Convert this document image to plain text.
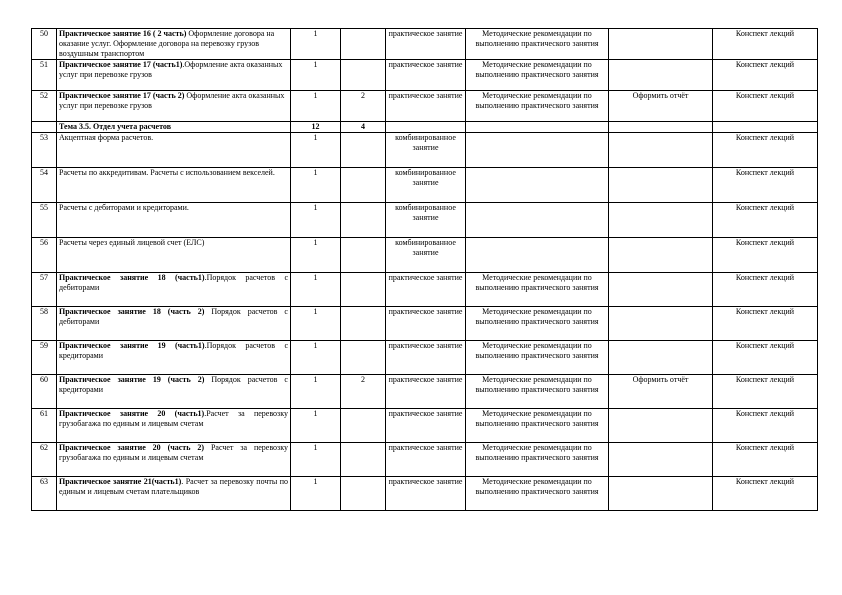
50	Практическое занятие 16 ( 2 часть) Оформление договора на оказание услуг. Оформление договора на перевозку грузов воздушным транспортом	1		практическое занятие	Методические рекомендации по выполнению практического занятия		Конспект лекций
51	Практическое занятие 17 (часть1).Оформление акта оказанных услуг при перевозке грузов	1		практическое занятие	Методические рекомендации по выполнению практического занятия		Конспект лекций
52	Практическое занятие 17 (часть 2) Оформление акта оказанных услуг при перевозке грузов	1	2	практическое занятие	Методические рекомендации по выполнению практического занятия	Оформить отчёт	Конспект лекций
	Тема 3.5. Отдел учета расчетов	12	4				
53	Акцептная форма расчетов.	1		комбинированное занятие			Конспект лекций
54	Расчеты по аккредитивам. Расчеты с использованием векселей.	1		комбинированное занятие			Конспект лекций
55	Расчеты с дебиторами и кредиторами.	1		комбинированное занятие			Конспект лекций
56	Расчеты через единый лицевой счет (ЕЛС)	1		комбинированное занятие			Конспект лекций
57	Практическое занятие 18 (часть1).Порядок расчетов с дебиторами	1		практическое занятие	Методические рекомендации по выполнению практического занятия		Конспект лекций
58	Практическое занятие 18 (часть 2) Порядок расчетов с дебиторами	1		практическое занятие	Методические рекомендации по выполнению практического занятия		Конспект лекций
59	Практическое занятие 19 (часть1).Порядок расчетов с кредиторами	1		практическое занятие	Методические рекомендации по выполнению практического занятия		Конспект лекций
60	Практическое занятие 19 (часть 2) Порядок расчетов с кредиторами	1	2	практическое занятие	Методические рекомендации по выполнению практического занятия	Оформить отчёт	Конспект лекций
61	Практическое занятие 20 (часть1).Расчет за перевозку грузобагажа по единым и лицевым счетам	1		практическое занятие	Методические рекомендации по выполнению практического занятия		Конспект лекций
62	Практическое занятие 20 (часть 2) Расчет за перевозку грузобагажа по единым и лицевым счетам	1		практическое занятие	Методические рекомендации по выполнению практического занятия		Конспект лекций
63	Практическое занятие 21(часть1). Расчет за перевозку почты по единым и лицевым счетам плательщиков	1		практическое занятие	Методические рекомендации по выполнению практического занятия		Конспект лекций
